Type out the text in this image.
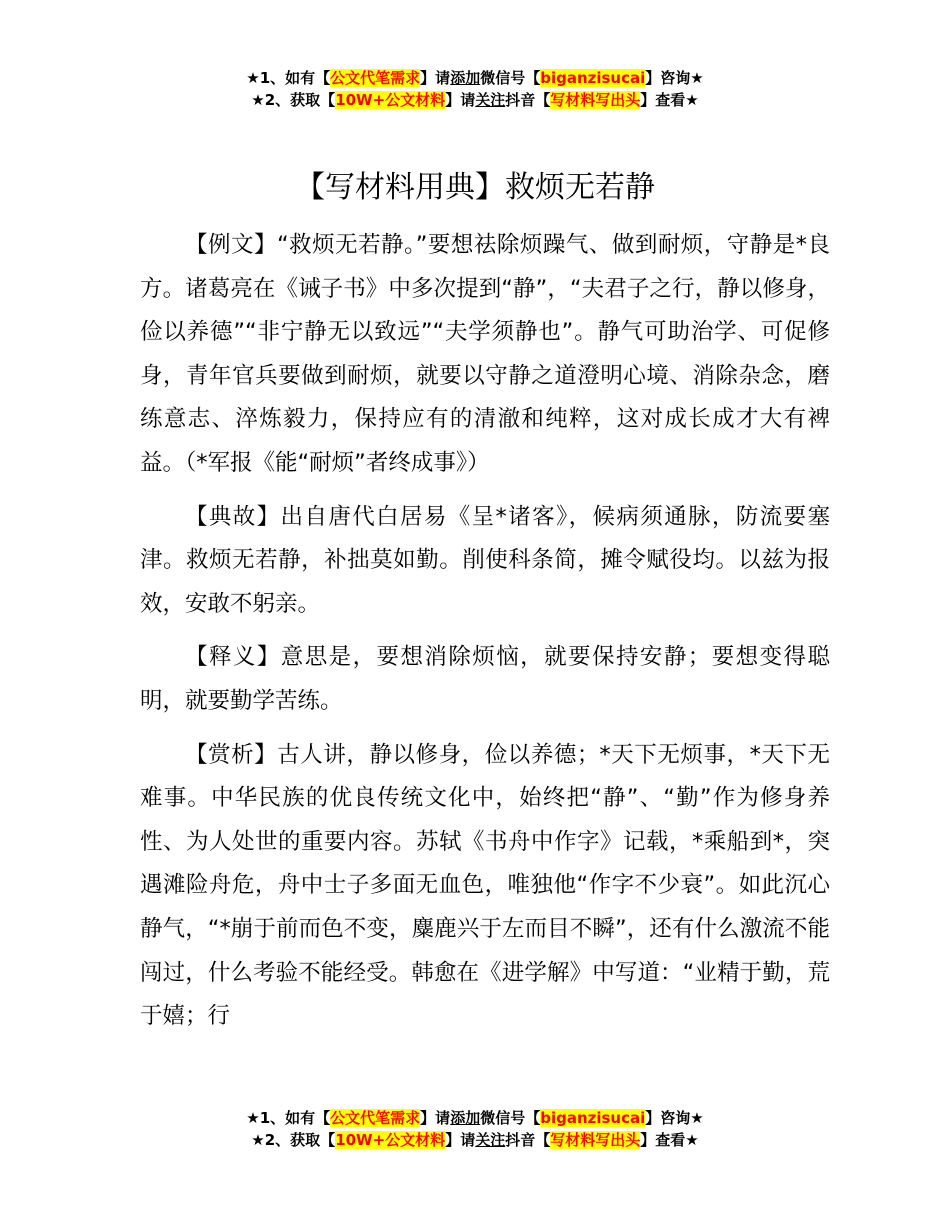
★1、如有【公文代笔需求】请添加微信号【biganzisucai】咨询★
★2、获取【10W+公文材料】请关注抖音【写材料写出头】查看★
【写材料用典】救烦无若静

【例文】“救烦无若静。”要想祛除烦躁气、做到耐烦，守静是*良方。诸葛亮在《诫子书》中多次提到“静”，“夫君子之行，静以修身，俭以养德”“非宁静无以致远”“夫学须静也”。静气可助治学、可促修身，青年官兵要做到耐烦，就要以守静之道澄明心境、消除杂念，磨练意志、淬炼毅力，保持应有的清澈和纯粹，这对成长成才大有裨益。（*军报《能“耐烦”者终成事》）

【典故】出自唐代白居易《呈*诸客》，候病须通脉，防流要塞津。救烦无若静，补拙莫如勤。削使科条简，摊令赋役均。以兹为报效，安敢不躬亲。

【释义】意思是，要想消除烦恼，就要保持安静；要想变得聪明，就要勤学苦练。

【赏析】古人讲，静以修身，俭以养德；*天下无烦事，*天下无难事。中华民族的优良传统文化中，始终把“静”、“勤”作为修身养性、为人处世的重要内容。苏轼《书舟中作字》记载，*乘船到*，突遇滩险舟危，舟中士子多面无血色，唯独他“作字不少衰”。如此沉心静气，“*崩于前而色不变，麋鹿兴于左而目不瞬”，还有什么激流不能闯过，什么考验不能经受。韩愈在《进学解》中写道：“业精于勤，荒于嬉；行

★1、如有【公文代笔需求】请添加微信号【biganzisucai】咨询★
★2、获取【10W+公文材料】请关注抖音【写材料写出头】查看★
